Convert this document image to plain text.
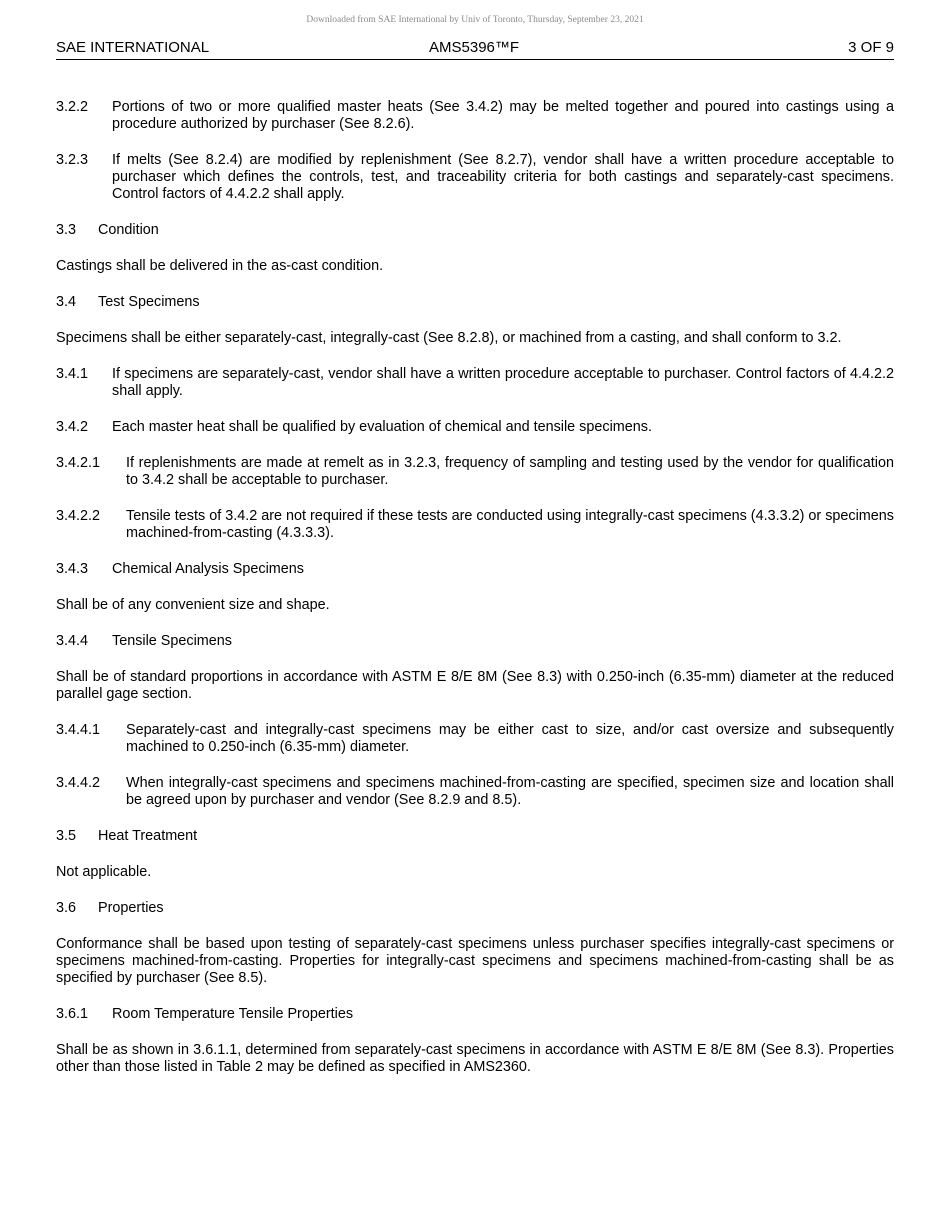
Downloaded from SAE International by Univ of Toronto, Thursday, September 23, 2021
SAE INTERNATIONAL	AMS5396™F	3 OF 9
3.2.2	Portions of two or more qualified master heats (See 3.4.2) may be melted together and poured into castings using a procedure authorized by purchaser (See 8.2.6).
3.2.3	If melts (See 8.2.4) are modified by replenishment (See 8.2.7), vendor shall have a written procedure acceptable to purchaser which defines the controls, test, and traceability criteria for both castings and separately-cast specimens. Control factors of 4.4.2.2 shall apply.
3.3	Condition
Castings shall be delivered in the as-cast condition.
3.4	Test Specimens
Specimens shall be either separately-cast, integrally-cast (See 8.2.8), or machined from a casting, and shall conform to 3.2.
3.4.1	If specimens are separately-cast, vendor shall have a written procedure acceptable to purchaser. Control factors of 4.4.2.2 shall apply.
3.4.2	Each master heat shall be qualified by evaluation of chemical and tensile specimens.
3.4.2.1	If replenishments are made at remelt as in 3.2.3, frequency of sampling and testing used by the vendor for qualification to 3.4.2 shall be acceptable to purchaser.
3.4.2.2	Tensile tests of 3.4.2 are not required if these tests are conducted using integrally-cast specimens (4.3.3.2) or specimens machined-from-casting (4.3.3.3).
3.4.3	Chemical Analysis Specimens
Shall be of any convenient size and shape.
3.4.4	Tensile Specimens
Shall be of standard proportions in accordance with ASTM E 8/E 8M (See 8.3) with 0.250-inch (6.35-mm) diameter at the reduced parallel gage section.
3.4.4.1	Separately-cast and integrally-cast specimens may be either cast to size, and/or cast oversize and subsequently machined to 0.250-inch (6.35-mm) diameter.
3.4.4.2	When integrally-cast specimens and specimens machined-from-casting are specified, specimen size and location shall be agreed upon by purchaser and vendor (See 8.2.9 and 8.5).
3.5	Heat Treatment
Not applicable.
3.6	Properties
Conformance shall be based upon testing of separately-cast specimens unless purchaser specifies integrally-cast specimens or specimens machined-from-casting. Properties for integrally-cast specimens and specimens machined-from-casting shall be as specified by purchaser (See 8.5).
3.6.1	Room Temperature Tensile Properties
Shall be as shown in 3.6.1.1, determined from separately-cast specimens in accordance with ASTM E 8/E 8M (See 8.3). Properties other than those listed in Table 2 may be defined as specified in AMS2360.
